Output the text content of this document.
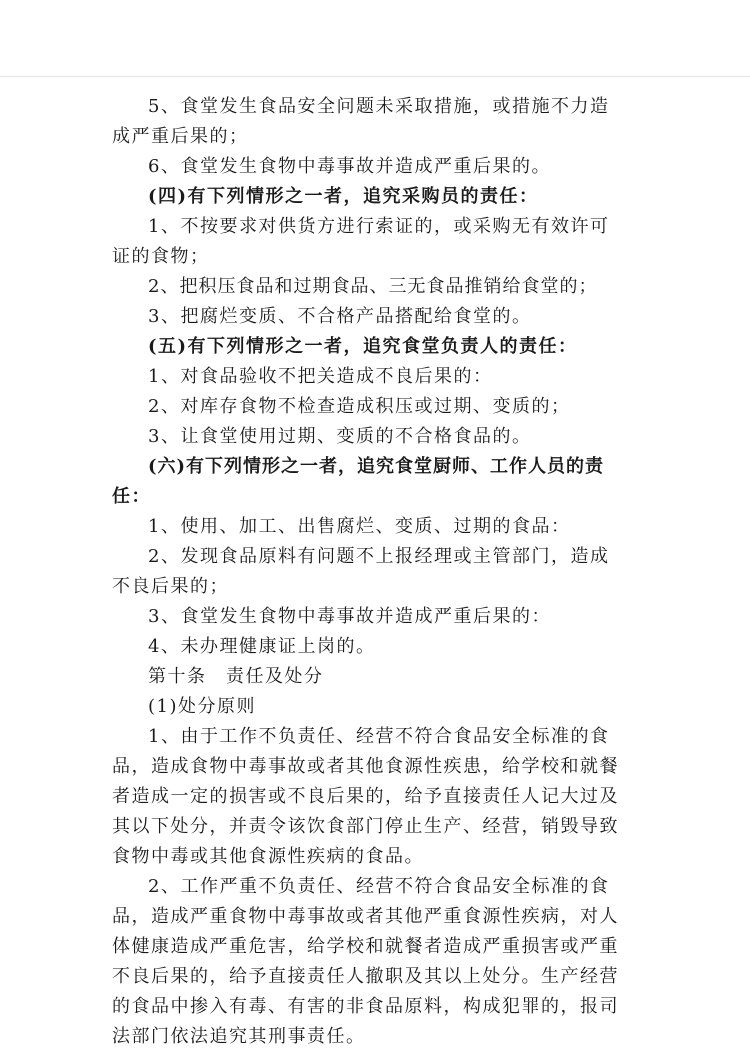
5、食堂发生食品安全问题未采取措施，或措施不力造
成严重后果的；
6、食堂发生食物中毒事故并造成严重后果的。
(四)有下列情形之一者，追究采购员的责任：
1、不按要求对供货方进行索证的，或采购无有效许可
证的食物；
2、把积压食品和过期食品、三无食品推销给食堂的；
3、把腐烂变质、不合格产品搭配给食堂的。
(五)有下列情形之一者，追究食堂负责人的责任：
1、对食品验收不把关造成不良后果的：
2、对库存食物不检查造成积压或过期、变质的；
3、让食堂使用过期、变质的不合格食品的。
(六)有下列情形之一者，追究食堂厨师、工作人员的责
任：
1、使用、加工、出售腐烂、变质、过期的食品：
2、发现食品原料有问题不上报经理或主管部门，造成
不良后果的；
3、食堂发生食物中毒事故并造成严重后果的：
4、未办理健康证上岗的。
第十条　责任及处分
(1)处分原则
1、由于工作不负责任、经营不符合食品安全标准的食
品，造成食物中毒事故或者其他食源性疾患，给学校和就餐
者造成一定的损害或不良后果的，给予直接责任人记大过及
其以下处分，并责令该饮食部门停止生产、经营，销毁导致
食物中毒或其他食源性疾病的食品。
2、工作严重不负责任、经营不符合食品安全标准的食
品，造成严重食物中毒事故或者其他严重食源性疾病，对人
体健康造成严重危害，给学校和就餐者造成严重损害或严重
不良后果的，给予直接责任人撤职及其以上处分。生产经营
的食品中掺入有毒、有害的非食品原料，构成犯罪的，报司
法部门依法追究其刑事责任。
